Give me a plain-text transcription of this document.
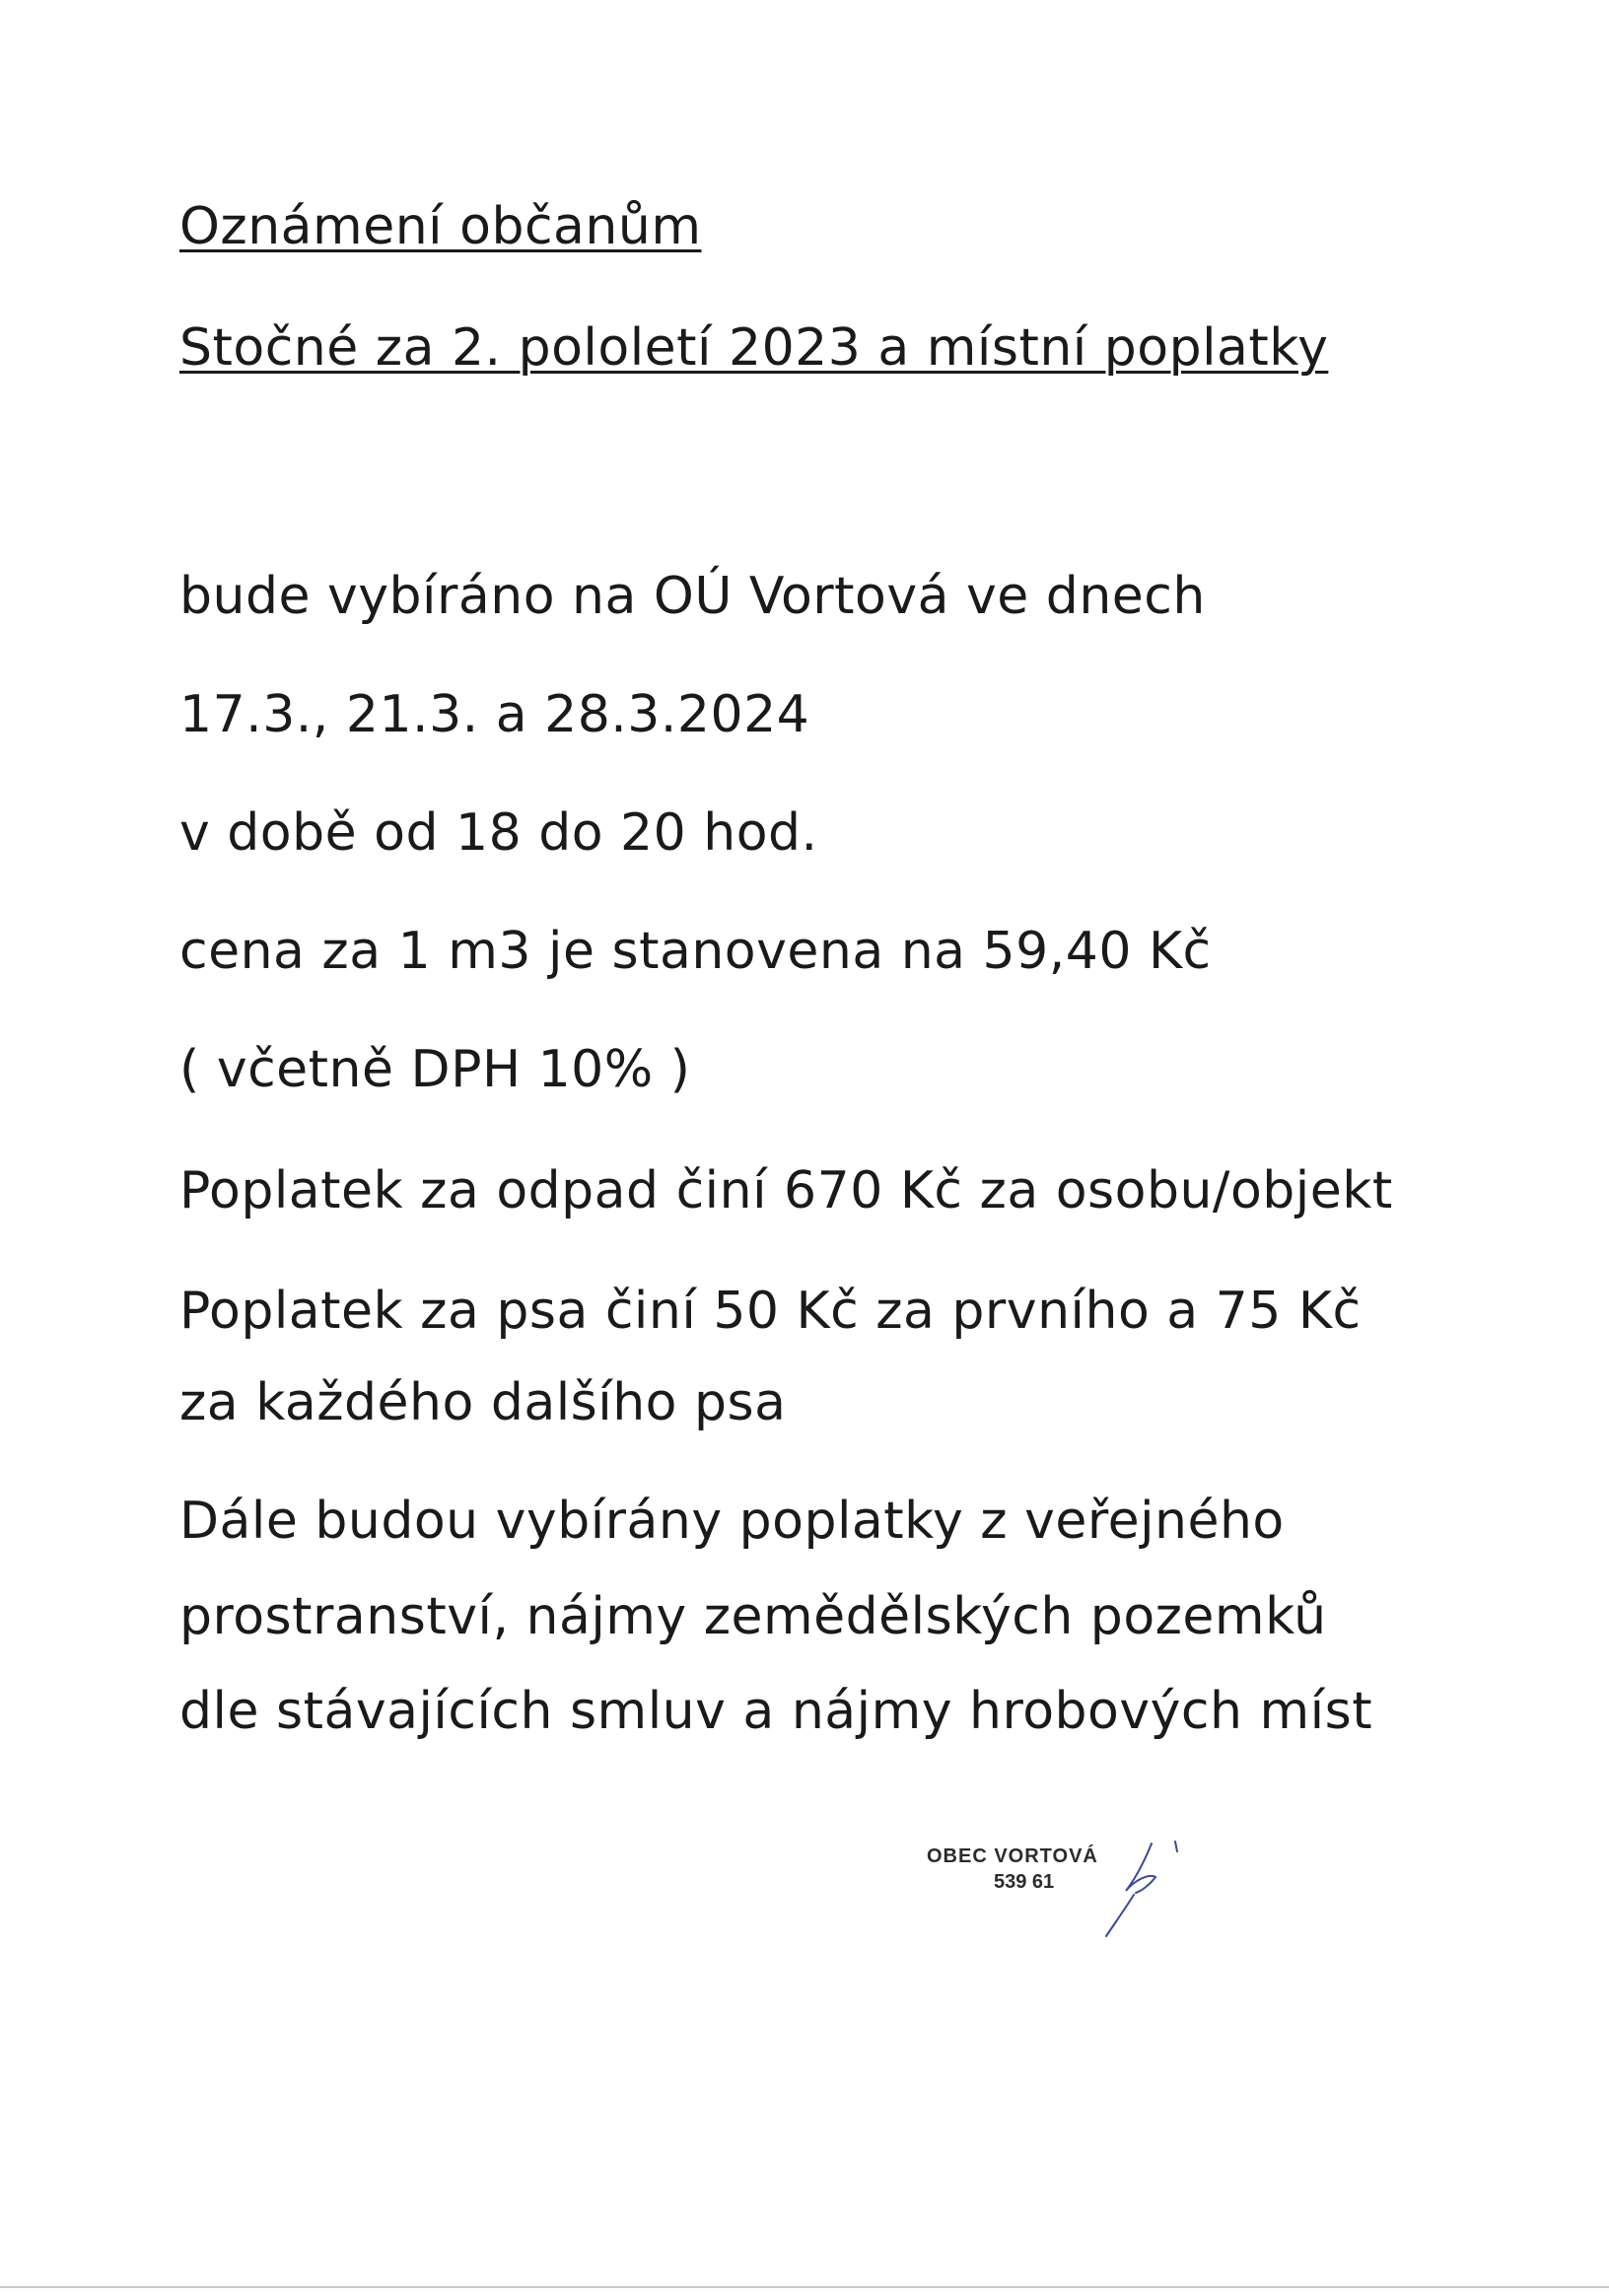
Oznámení občanům
Stočné za 2. pololetí 2023 a místní poplatky
bude vybíráno na OÚ Vortová ve dnech
17.3., 21.3. a 28.3.2024
v době od 18 do 20 hod.
cena za 1 m3 je stanovena na 59,40 Kč
( včetně DPH 10% )
Poplatek za odpad činí 670 Kč za osobu/objekt
Poplatek za psa činí 50 Kč za prvního a 75 Kč
za každého dalšího psa
Dále budou vybírány poplatky z veřejného
prostranství, nájmy zemědělských pozemků
dle stávajících smluv a nájmy hrobových míst
OBEC VORTOVÁ
539 61
